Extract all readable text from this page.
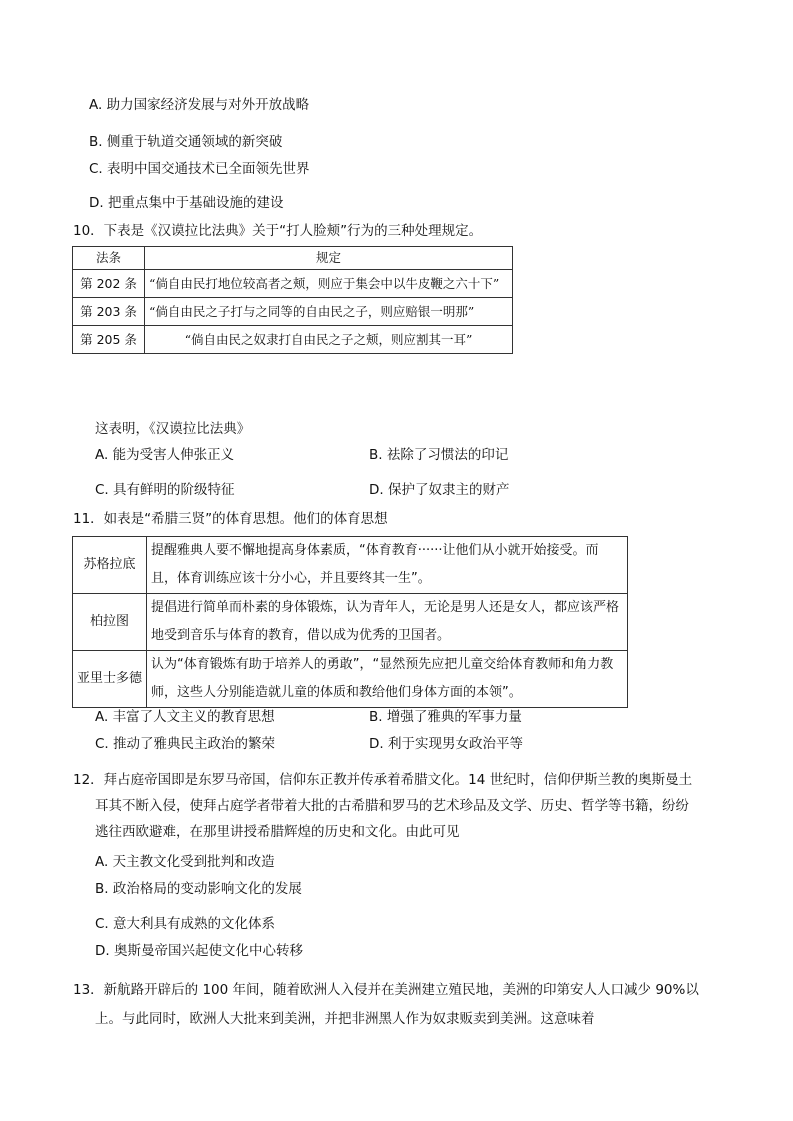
A. 助力国家经济发展与对外开放战略
B. 侧重于轨道交通领域的新突破
C. 表明中国交通技术已全面领先世界
D. 把重点集中于基础设施的建设
10．下表是《汉谟拉比法典》关于“打人脸颊”行为的三种处理规定。
法条	规定
第 202 条	“倘自由民打地位较高者之颊，则应于集会中以牛皮鞭之六十下”
第 203 条	“倘自由民之子打与之同等的自由民之子，则应赔银一明那”
第 205 条	“倘自由民之奴隶打自由民之子之颊，则应割其一耳”
这表明，《汉谟拉比法典》
A. 能为受害人伸张正义	B. 祛除了习惯法的印记
C. 具有鲜明的阶级特征	D. 保护了奴隶主的财产
11．如表是“希腊三贤”的体育思想。他们的体育思想
苏格拉底	提醒雅典人要不懈地提高身体素质，“体育教育······让他们从小就开始接受。而且，体育训练应该十分小心，并且要终其一生”。
柏拉图	提倡进行简单而朴素的身体锻炼，认为青年人，无论是男人还是女人，都应该严格地受到音乐与体育的教育，借以成为优秀的卫国者。
亚里士多德	认为“体育锻炼有助于培养人的勇敢”，“显然预先应把儿童交给体育教师和角力教师，这些人分别能造就儿童的体质和教给他们身体方面的本领”。
A. 丰富了人文主义的教育思想	B. 增强了雅典的军事力量
C. 推动了雅典民主政治的繁荣	D. 利于实现男女政治平等
12．拜占庭帝国即是东罗马帝国，信仰东正教并传承着希腊文化。14 世纪时，信仰伊斯兰教的奥斯曼土
耳其不断入侵，使拜占庭学者带着大批的古希腊和罗马的艺术珍品及文学、历史、哲学等书籍，纷纷
逃往西欧避难，在那里讲授希腊辉煌的历史和文化。由此可见
A. 天主教文化受到批判和改造
B. 政治格局的变动影响文化的发展
C. 意大利具有成熟的文化体系
D. 奥斯曼帝国兴起使文化中心转移
13．新航路开辟后的 100 年间，随着欧洲人入侵并在美洲建立殖民地，美洲的印第安人人口减少 90%以
上。与此同时，欧洲人大批来到美洲，并把非洲黑人作为奴隶贩卖到美洲。这意味着
